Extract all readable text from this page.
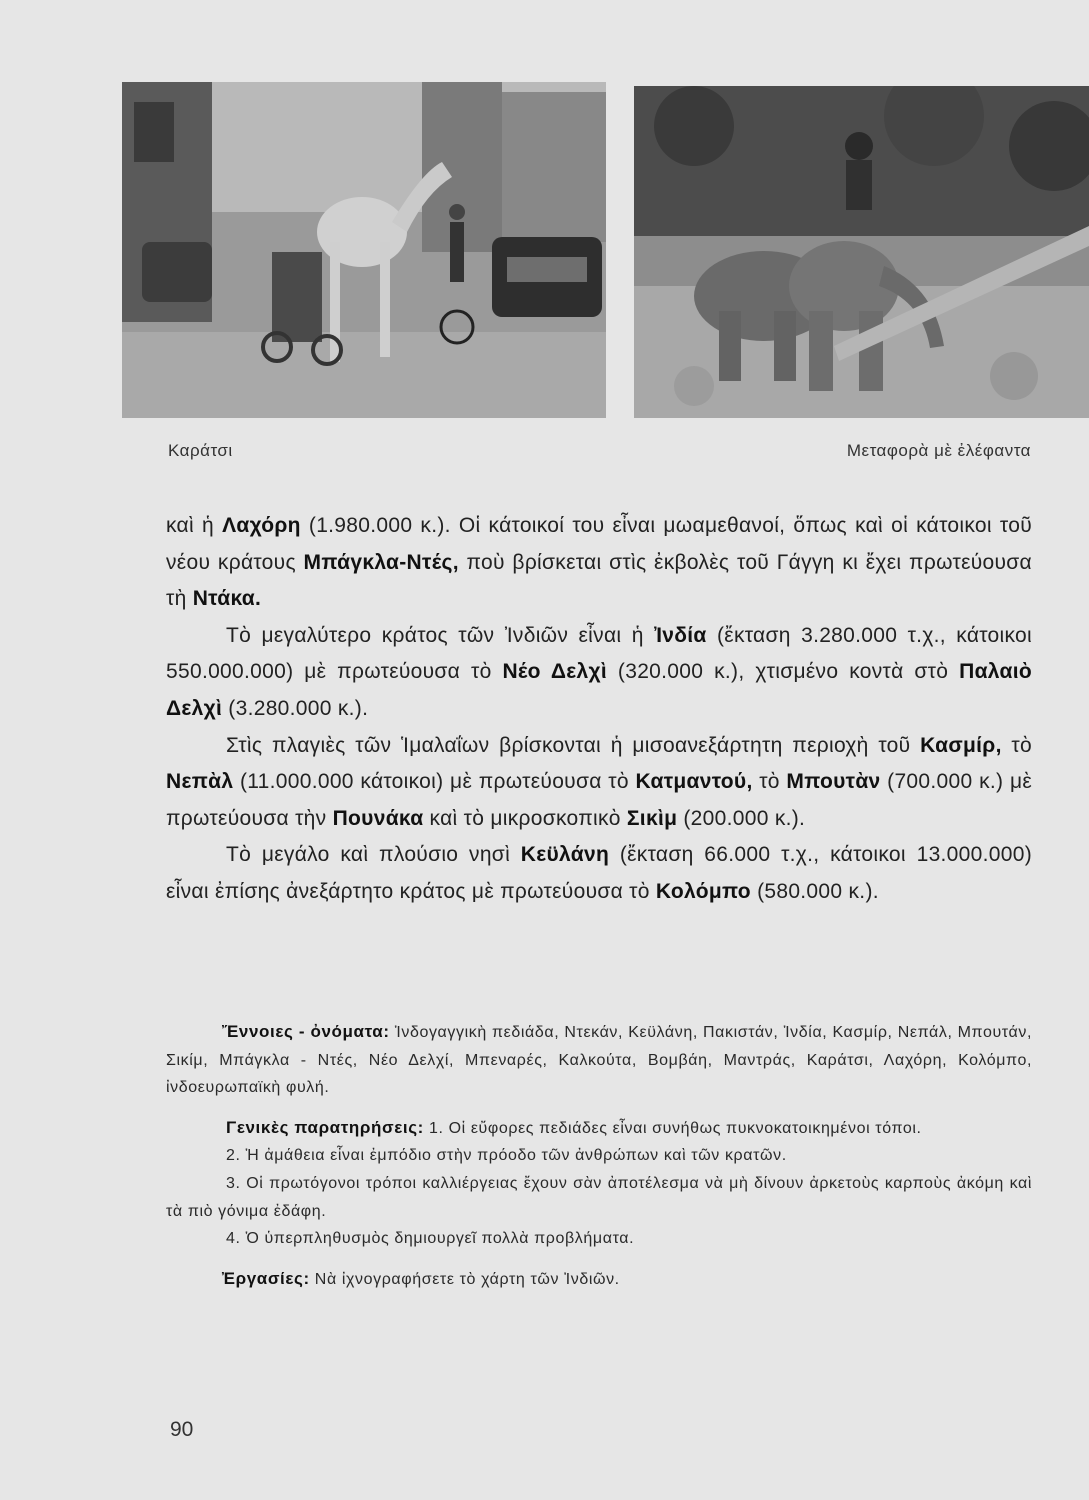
Καράτσι	Μεταφορὰ μὲ ἐλέφαντα

καὶ ἡ Λαχόρη (1.980.000 κ.). Οἱ κάτοικοί του εἶναι μωαμεθανοί, ὅπως καὶ οἱ κάτοικοι τοῦ νέου κράτους Μπάγκλα-Ντές, ποὺ βρίσκεται στὶς ἐκβολὲς τοῦ Γάγγη κι ἔχει πρωτεύουσα τὴ Ντάκα.

Τὸ μεγαλύτερο κράτος τῶν Ἰνδιῶν εἶναι ἡ Ἰνδία (ἔκταση 3.280.000 τ.χ., κάτοικοι 550.000.000) μὲ πρωτεύουσα τὸ Νέο Δελχὶ (320.000 κ.), χτισμένο κοντὰ στὸ Παλαιὸ Δελχὶ (3.280.000 κ.).

Στὶς πλαγιὲς τῶν Ἱμαλαΐων βρίσκονται ἡ μισοανεξάρτητη περιοχὴ τοῦ Κασμίρ, τὸ Νεπὰλ (11.000.000 κάτοικοι) μὲ πρωτεύουσα τὸ Κατμαντού, τὸ Μπουτὰν (700.000 κ.) μὲ πρωτεύουσα τὴν Πουνάκα καὶ τὸ μικροσκοπικὸ Σικὶμ (200.000 κ.).

Τὸ μεγάλο καὶ πλούσιο νησὶ Κεϋλάνη (ἔκταση 66.000 τ.χ., κάτοικοι 13.000.000) εἶναι ἐπίσης ἀνεξάρτητο κράτος μὲ πρωτεύουσα τὸ Κολόμπο (580.000 κ.).

Ἔννοιες - ὀνόματα: Ἰνδογαγγικὴ πεδιάδα, Ντεκάν, Κεϋλάνη, Πακιστάν, Ἰνδία, Κασμίρ, Νεπάλ, Μπουτάν, Σικίμ, Μπάγκλα - Ντές, Νέο Δελχί, Μπεναρές, Καλκούτα, Βομβάη, Μαντράς, Καράτσι, Λαχόρη, Κολόμπο, ἰνδοευρωπαϊκὴ φυλή.

Γενικὲς παρατηρήσεις: 1. Οἱ εὔφορες πεδιάδες εἶναι συνήθως πυκνοκατοικημένοι τόποι.

2. Ἡ ἀμάθεια εἶναι ἐμπόδιο στὴν πρόοδο τῶν ἀνθρώπων καὶ τῶν κρατῶν.

3. Οἱ πρωτόγονοι τρόποι καλλιέργειας ἔχουν σὰν ἀποτέλεσμα νὰ μὴ δίνουν ἀρκετοὺς καρποὺς ἀκόμη καὶ τὰ πιὸ γόνιμα ἐδάφη.

4. Ὁ ὑπερπληθυσμὸς δημιουργεῖ πολλὰ προβλήματα.

Ἐργασίες: Νὰ ἰχνογραφήσετε τὸ χάρτη τῶν Ἰνδιῶν.

90
